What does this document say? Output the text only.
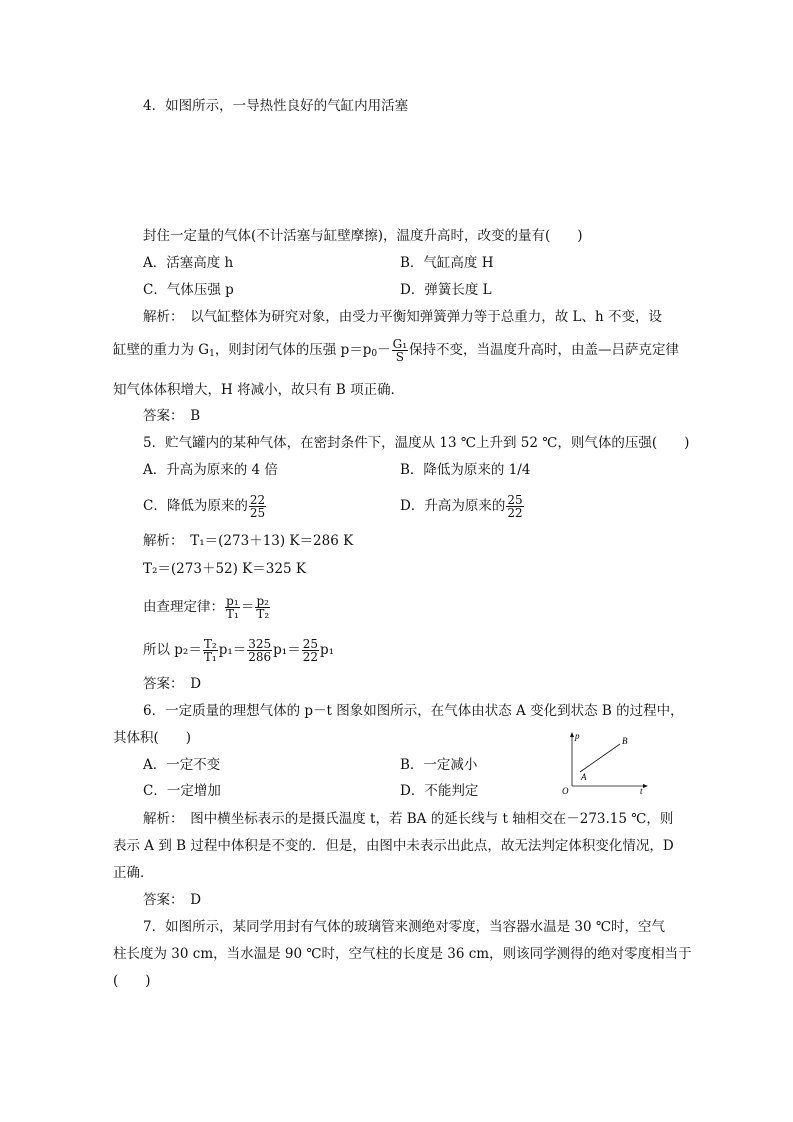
4．如图所示，一导热性良好的气缸内用活塞
封住一定量的气体(不计活塞与缸壁摩擦)，温度升高时，改变的量有(　　)
A．活塞高度 h	B．气缸高度 H
C．气体压强 p	D．弹簧长度 L
解析：　以气缸整体为研究对象，由受力平衡知弹簧弹力等于总重力，故 L、h 不变，设
缸壁的重力为 $G_1$，则封闭气体的压强 $p=p_0- \frac{\text{G₁}}{S}$ 保持不变，当温度升高时，由盖—吕萨克定律
知气体体积增大，H 将减小，故只有 B 项正确．
答案：　B
5．贮气罐内的某种气体，在密封条件下，温度从 13 ℃上升到 52 ℃，则气体的压强(　　)
A．升高为原来的 4 倍	B．降低为原来的 1/4
C．降低为原来的 $\frac{22}{25}$	D．升高为原来的 $\frac{25}{22}$
解析：　T₁＝(273＋13) K＝286 K
T₂＝(273＋52) K＝325 K
由查理定律： $\frac{\text{p₁}}{\text{T₁}} = \frac{\text{p₂}}{\text{T₂}}$
所以 $p_2= \frac{\text{T₂}}{\text{T₁}} p_1= \frac{325}{286} p_1= \frac{25}{22} p_1$
答案：　D
6．一定质量的理想气体的 p－t 图象如图所示，在气体由状态 A 变化到状态 B 的过程中，
其体积(　　)
A．一定不变	B．一定减小
C．一定增加	D．不能判定
p
t
O
A
B
解析：　图中横坐标表示的是摄氏温度 t，若 BA 的延长线与 t 轴相交在－273.15 ℃，则
表示 A 到 B 过程中体积是不变的．但是，由图中未表示出此点，故无法判定体积变化情况，D
正确．
答案：　D
7．如图所示，某同学用封有气体的玻璃管来测绝对零度，当容器水温是 30 ℃时，空气
柱长度为 30 cm，当水温是 90 ℃时，空气柱的长度是 36 cm，则该同学测得的绝对零度相当于
(　　)
